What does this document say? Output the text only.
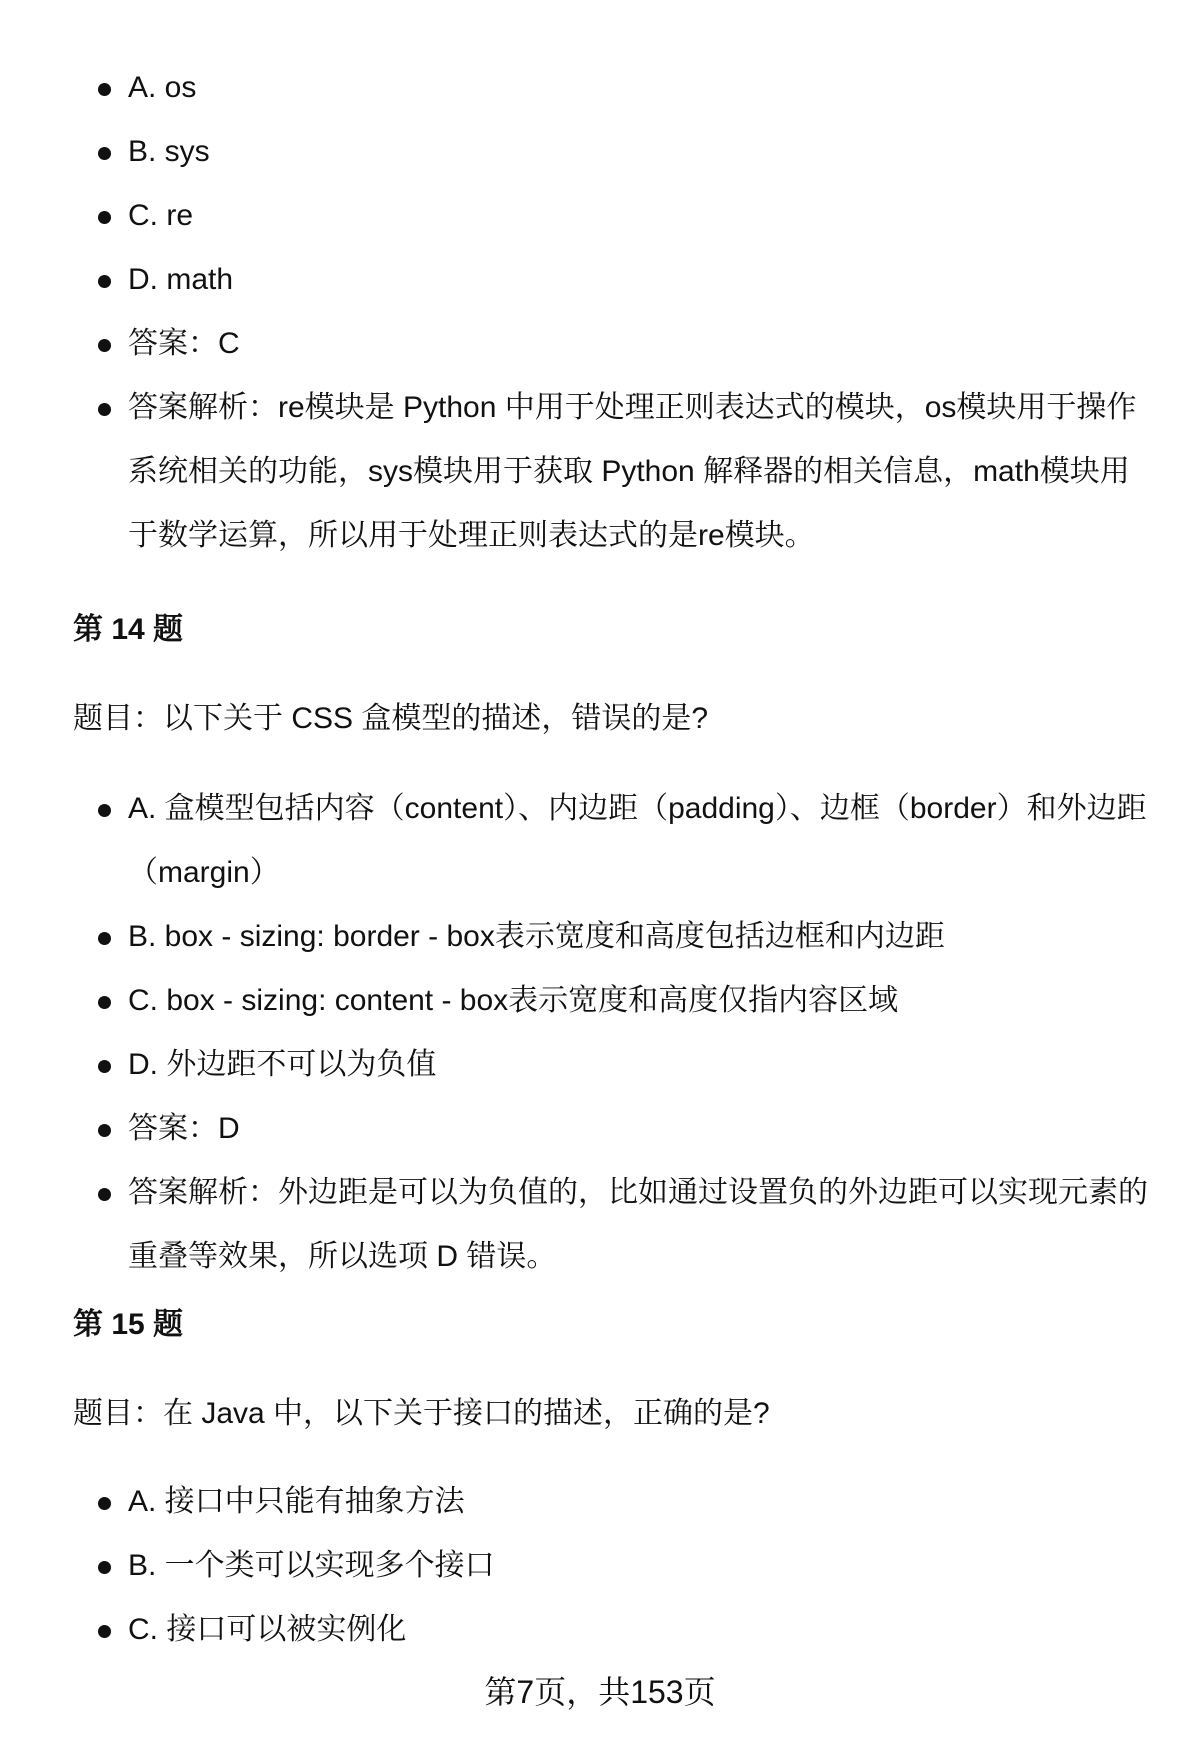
A. os
B. sys
C. re
D. math
答案：C
答案解析：re模块是 Python 中用于处理正则表达式的模块，os模块用于操作系统相关的功能，sys模块用于获取 Python 解释器的相关信息，math模块用于数学运算，所以用于处理正则表达式的是re模块。
第 14 题
题目：以下关于 CSS 盒模型的描述，错误的是?
A. 盒模型包括内容（content）、内边距（padding）、边框（border）和外边距（margin）
B. box - sizing: border - box表示宽度和高度包括边框和内边距
C. box - sizing: content - box表示宽度和高度仅指内容区域
D. 外边距不可以为负值
答案：D
答案解析：外边距是可以为负值的，比如通过设置负的外边距可以实现元素的重叠等效果，所以选项 D 错误。
第 15 题
题目：在 Java 中，以下关于接口的描述，正确的是?
A. 接口中只能有抽象方法
B. 一个类可以实现多个接口
C. 接口可以被实例化
第7页，共153页
